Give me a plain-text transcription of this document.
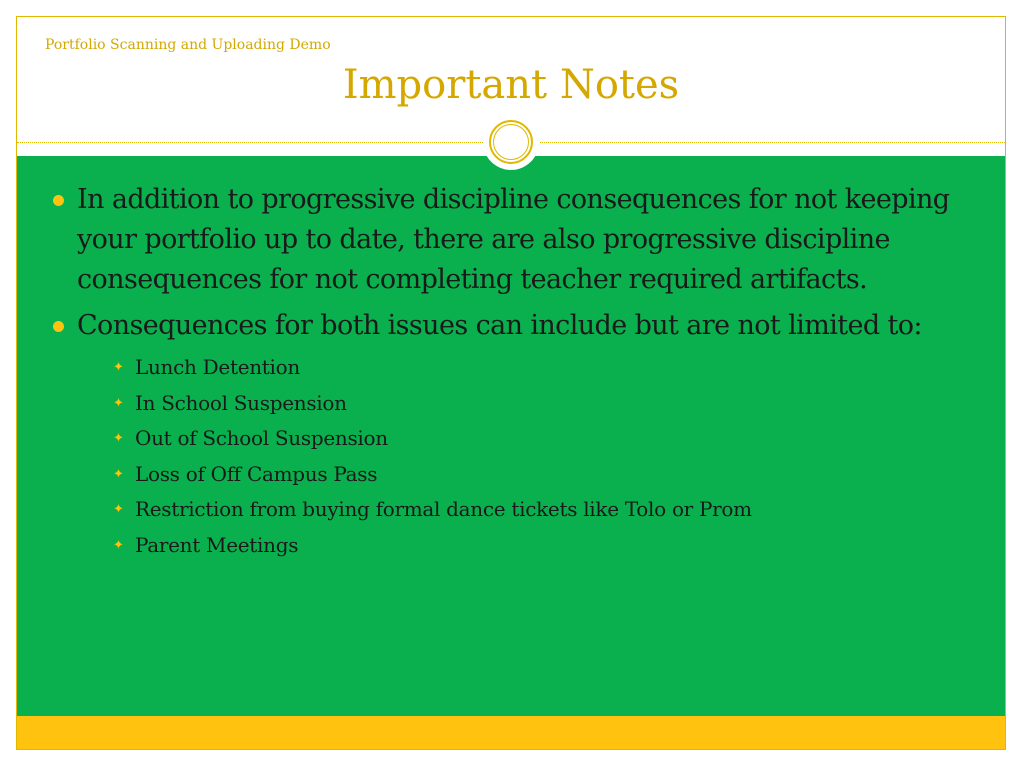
Portfolio Scanning and Uploading Demo
Important Notes
In addition to progressive discipline consequences for not keeping your portfolio up to date, there are also progressive discipline consequences for not completing teacher required artifacts.
Consequences for both issues can include but are not limited to:
✦ Lunch Detention
✦ In School Suspension
✦ Out of School Suspension
✦ Loss of Off Campus Pass
✦ Restriction from buying formal dance tickets like Tolo or Prom
✦ Parent Meetings
